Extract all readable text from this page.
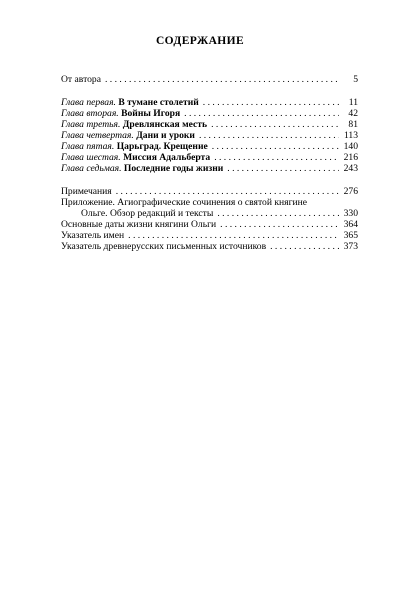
СОДЕРЖАНИЕ
От автора . . .	5
Глава первая. В тумане столетий . . .	11
Глава вторая. Войны Игоря . . .	42
Глава третья. Древлянская месть . . .	81
Глава четвертая. Дани и уроки . . .	113
Глава пятая. Царьград. Крещение . . .	140
Глава шестая. Миссия Адальберта . . .	216
Глава седьмая. Последние годы жизни . . .	243
Примечания . . .	276
Приложение. Агиографические сочинения о святой княгине
Ольге. Обзор редакций и тексты . . .	330
Основные даты жизни княгини Ольги . . .	364
Указатель имен . . .	365
Указатель древнерусских письменных источников . . .	373
